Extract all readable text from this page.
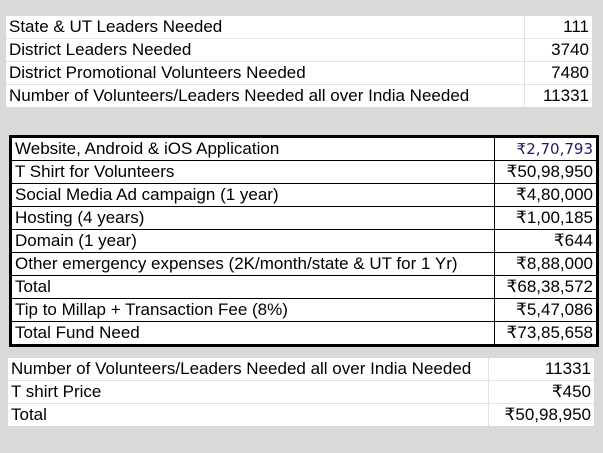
State & UT Leaders Needed	111
District Leaders Needed	3740
District Promotional Volunteers Needed	7480
Number of Volunteers/Leaders Needed all over India Needed	11331
Website, Android & iOS Application	₹2,70,793
T Shirt for Volunteers	₹50,98,950
Social Media Ad campaign (1 year)	₹4,80,000
Hosting (4 years)	₹1,00,185
Domain (1 year)	₹644
Other emergency expenses (2K/month/state & UT for 1 Yr)	₹8,88,000
Total	₹68,38,572
Tip to Millap + Transaction Fee (8%)	₹5,47,086
Total Fund Need	₹73,85,658
Number of Volunteers/Leaders Needed all over India Needed	11331
T shirt Price	₹450
Total	₹50,98,950
